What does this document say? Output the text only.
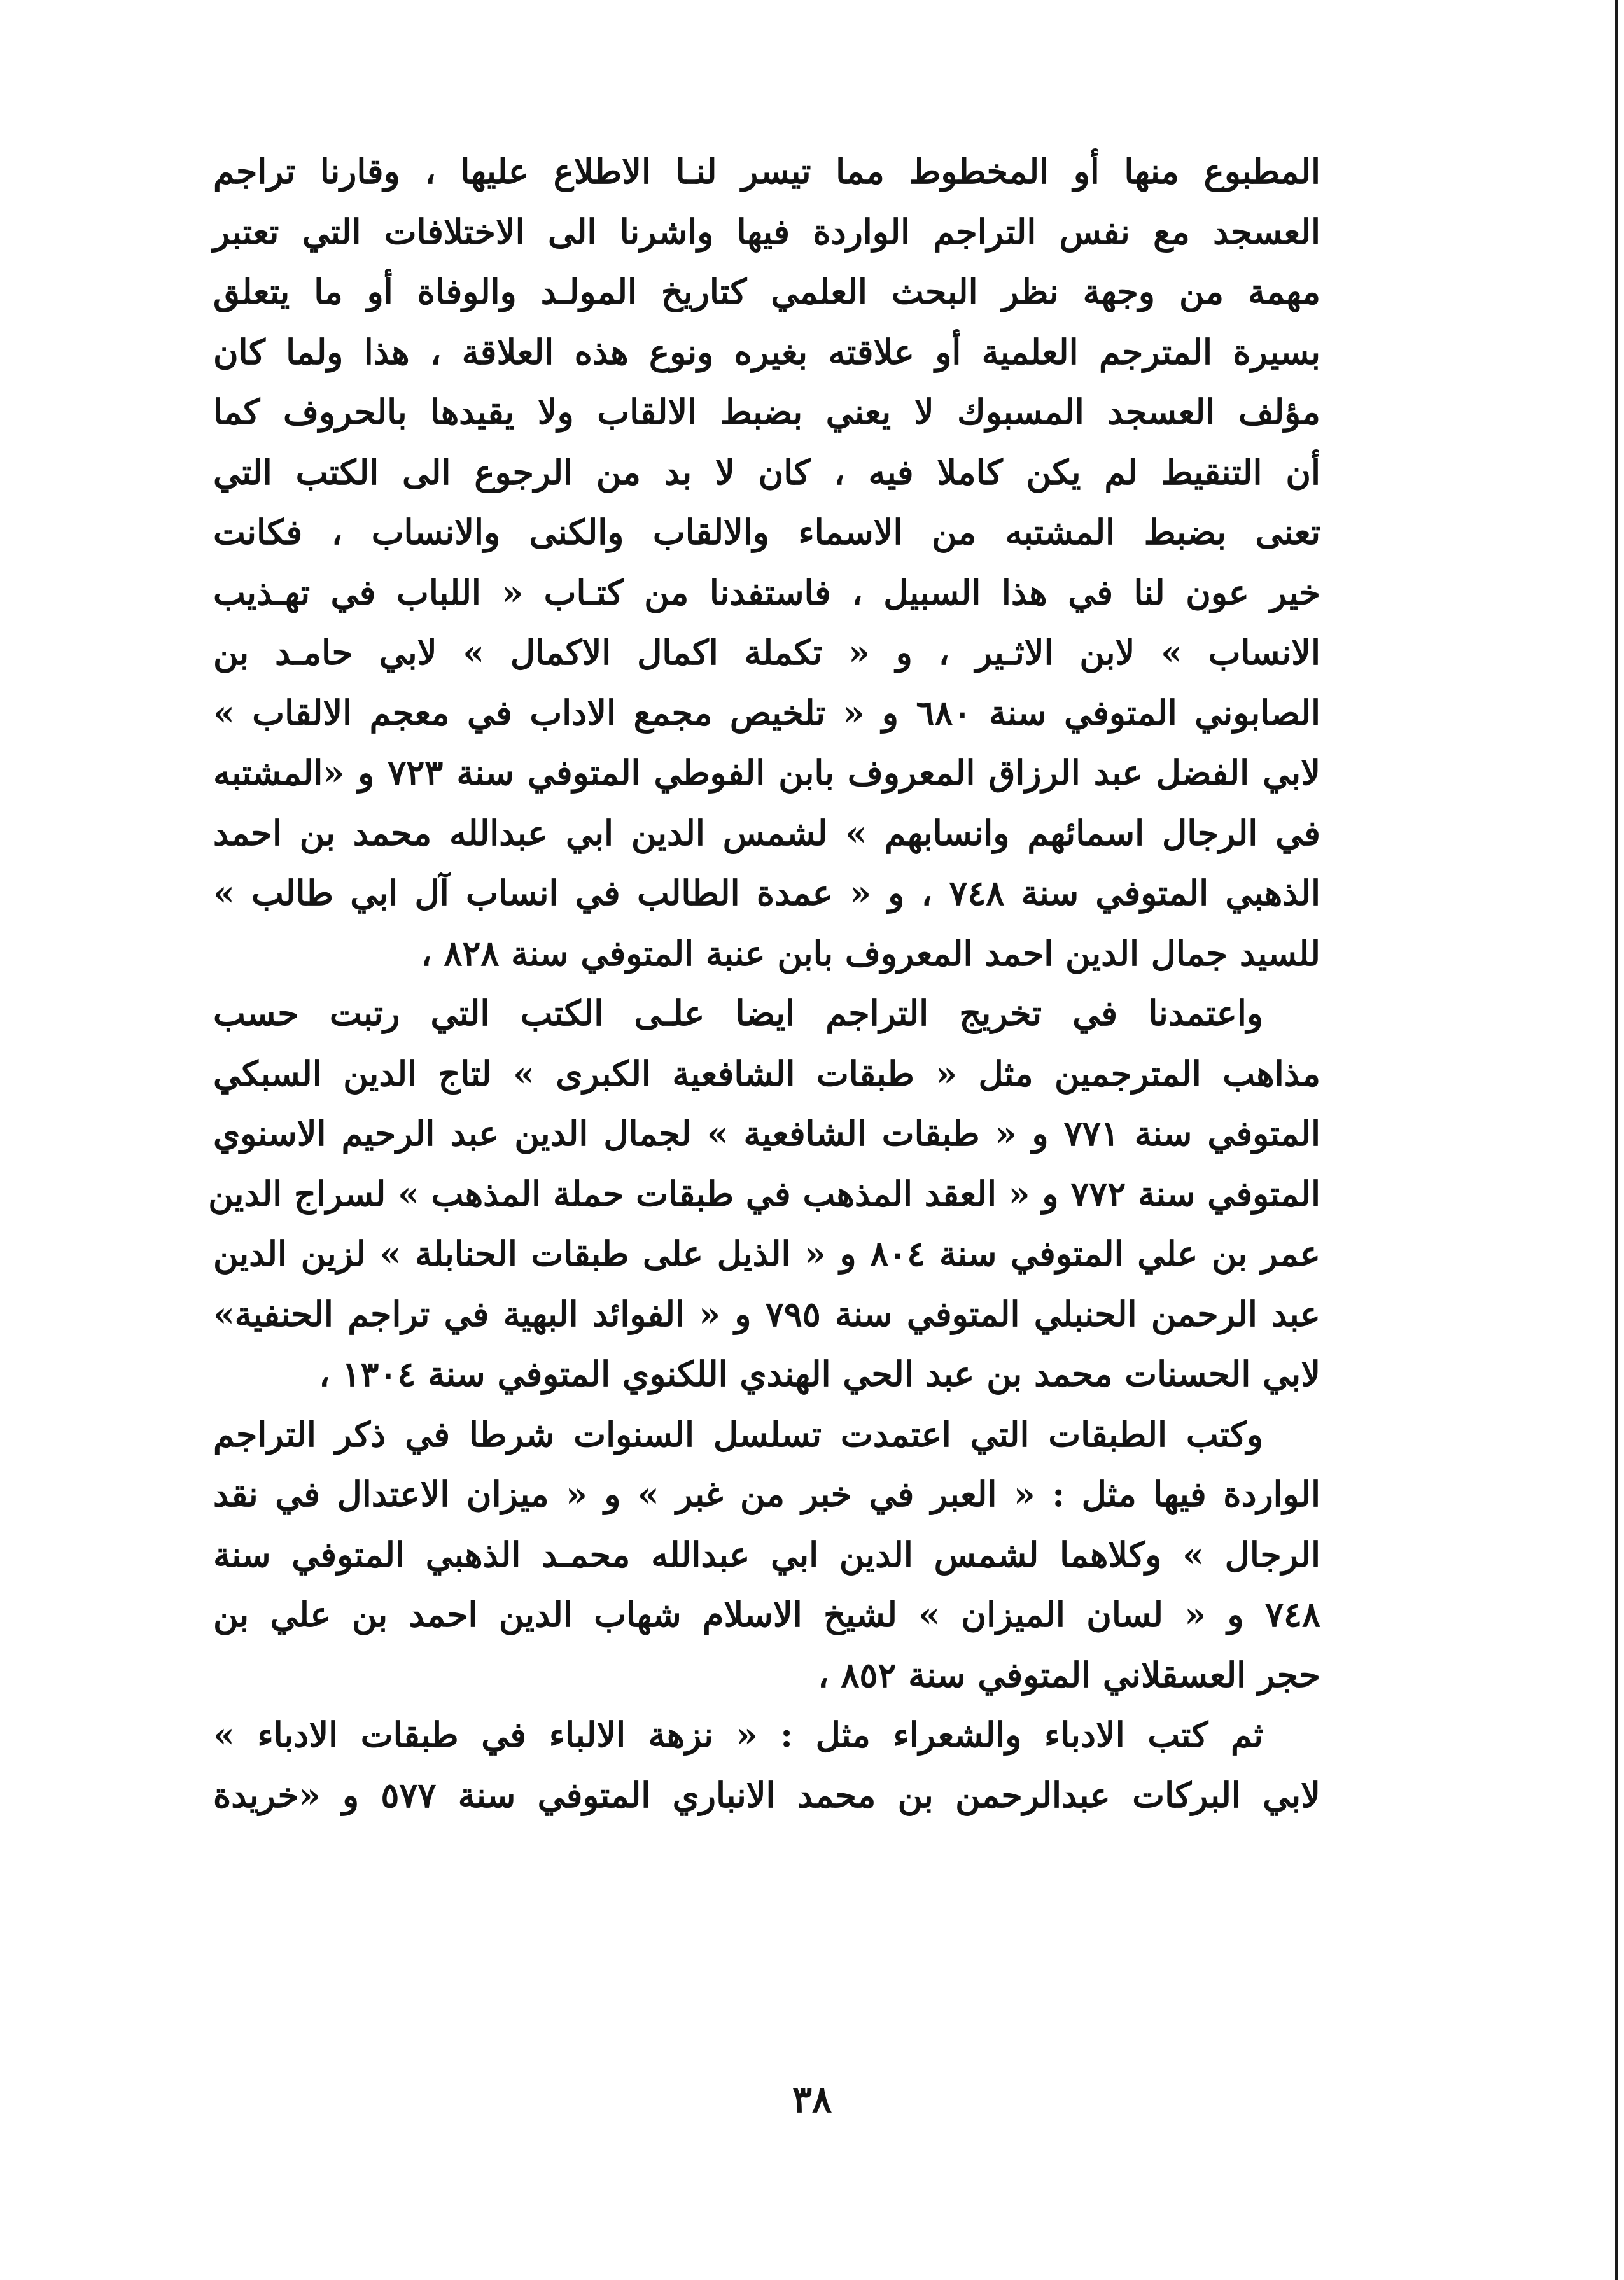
المطبوع منها أو المخطوط مما تيسر لنـا الاطلاع عليها ، وقارنا تراجم
العسجد مع نفس التراجم الواردة فيها واشرنا الى الاختلافات التي تعتبر
مهمة من وجهة نظر البحث العلمي كتاريخ المولـد والوفاة أو ما يتعلق
بسيرة المترجم العلمية أو علاقته بغيره ونوع هذه العلاقة ، هذا ولما كان
مؤلف العسجد المسبوك لا يعني بضبط الالقاب ولا يقيدها بالحروف كما
أن التنقيط لم يكن كاملا فيه ، كان لا بد من الرجوع الى الكتب التي
تعنى بضبط المشتبه من الاسماء والالقاب والكنى والانساب ، فكانت
خير عون لنا في هذا السبيل ، فاستفدنا من كتـاب « اللباب في تهـذيب
الانساب » لابن الاثـير ، و « تكملة اكمال الاكمال » لابي حامـد بن
الصابوني المتوفي سنة ٦٨٠ و « تلخيص مجمع الاداب في معجم الالقاب »
لابي الفضل عبد الرزاق المعروف بابن الفوطي المتوفي سنة ٧٢٣ و «المشتبه
في الرجال اسمائهم وانسابهم » لشمس الدين ابي عبدالله محمد بن احمد
الذهبي المتوفي سنة ٧٤٨ ، و « عمدة الطالب في انساب آل ابي طالب »
للسيد جمال الدين احمد المعروف بابن عنبة المتوفي سنة ٨٢٨ ،
واعتمدنا في تخريج التراجم ايضا علـى الكتب التي رتبت حسب
مذاهب المترجمين مثل « طبقات الشافعية الكبرى » لتاج الدين السبكي
المتوفي سنة ٧٧١ و « طبقات الشافعية » لجمال الدين عبد الرحيم الاسنوي
المتوفي سنة ٧٧٢ و « العقد المذهب في طبقات حملة المذهب » لسراج الدين
عمر بن علي المتوفي سنة ٨٠٤ و « الذيل على طبقات الحنابلة » لزين الدين
عبد الرحمن الحنبلي المتوفي سنة ٧٩٥ و « الفوائد البهية في تراجم الحنفية»
لابي الحسنات محمد بن عبد الحي الهندي اللكنوي المتوفي سنة ١٣٠٤ ،
وكتب الطبقات التي اعتمدت تسلسل السنوات شرطا في ذكر التراجم
الواردة فيها مثل : « العبر في خبر من غبر » و « ميزان الاعتدال في نقد
الرجال » وكلاهما لشمس الدين ابي عبدالله محمـد الذهبي المتوفي سنة
٧٤٨ و « لسان الميزان » لشيخ الاسلام شهاب الدين احمد بن علي بن
حجر العسقلاني المتوفي سنة ٨٥٢ ،
ثم كتب الادباء والشعراء مثل : « نزهة الالباء في طبقات الادباء »
لابي البركات عبدالرحمن بن محمد الانباري المتوفي سنة ٥٧٧ و «خريدة
٣٨
